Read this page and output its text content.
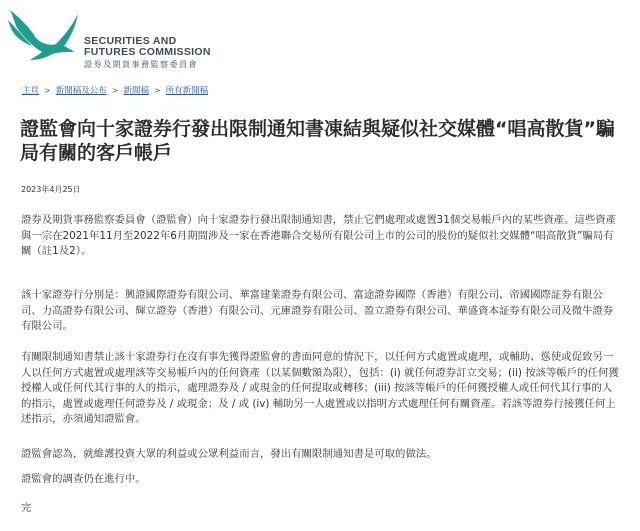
SECURITIES AND
FUTURES COMMISSION
證券及期貨事務監察委員會
主頁 > 新聞稿及公布 > 新聞稿 > 所有新聞稿
證監會向十家證券行發出限制通知書凍結與疑似社交媒體“唱高散貨”騙局有關的客戶帳戶
2023年4月25日

證券及期貨事務監察委員會（證監會）向十家證券行發出限制通知書，禁止它們處理或處置31個交易帳戶內的某些資產。這些資產與一宗在2021年11月至2022年6月期間涉及一家在香港聯合交易所有限公司上市的公司的股份的疑似社交媒體“唱高散貨”騙局有關（註1及2）。

該十家證券行分別是：興證國際證券有限公司、華富建業證券有限公司、富途證券國際（香港）有限公司、帝國國際証券有限公司、力高證券有限公司、輝立證券（香港）有限公司、元庫證券有限公司、盈立證券有限公司、華盛資本証券有限公司及微牛證券有限公司。

有關限制通知書禁止該十家證券行在沒有事先獲得證監會的書面同意的情況下，以任何方式處置或處理，或輔助、慫使或促致另一人以任何方式處置或處理該等交易帳戶內的任何資產（以某個數額為限），包括：(i) 就任何證券訂立交易；(ii) 按該等帳戶的任何獲授權人或任何代其行事的人的指示，處理證券及 / 或現金的任何提取或轉移；(iii) 按該等帳戶的任何獲授權人或任何代其行事的人的指示，處置或處理任何證券及 / 或現金；及 / 或 (iv) 輔助另一人處置或以指明方式處理任何有關資產。若該等證券行接獲任何上述指示，亦須通知證監會。

證監會認為，就維護投資大眾的利益或公眾利益而言，發出有關限制通知書是可取的做法。

證監會的調查仍在進行中。

完
